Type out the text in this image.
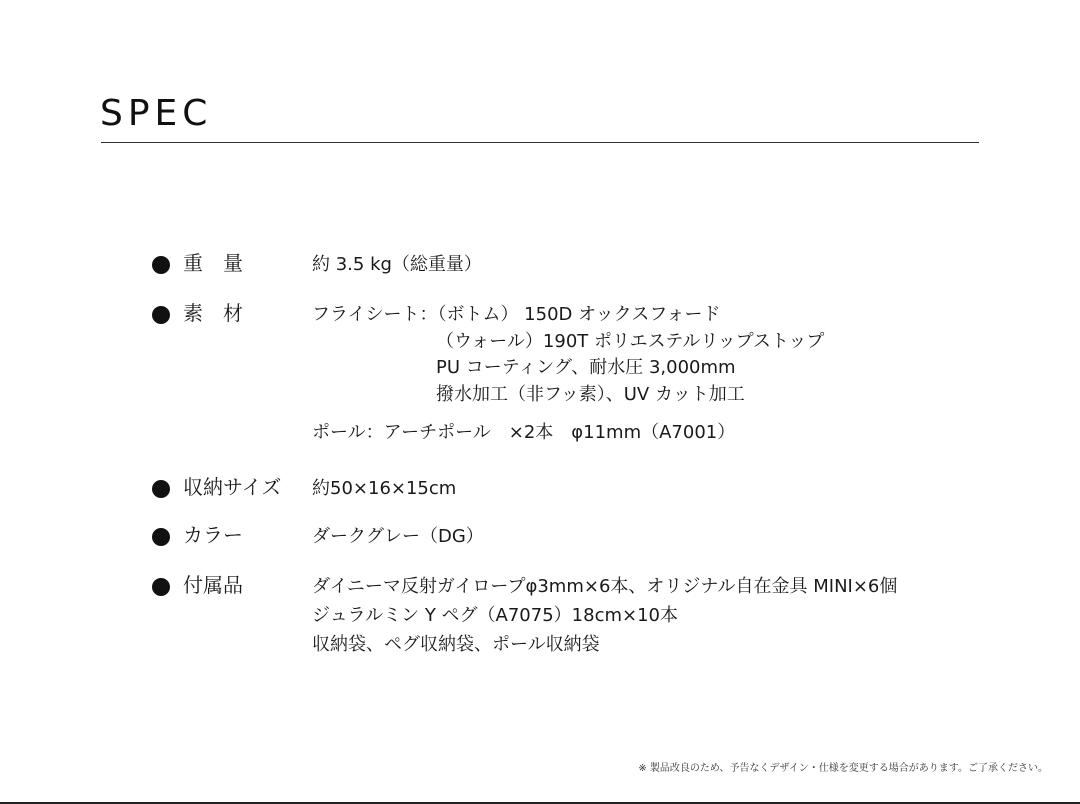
SPEC
重　量	約 3.5 kg（総重量）
素　材	フライシート：（ボトム） 150D オックスフォード
（ウォール）190T ポリエステルリップストップ
PU コーティング、耐水圧 3,000mm
撥水加工（非フッ素）、UV カット加工
ポール：アーチポール　×2本　φ11mm（A7001）
収納サイズ 約50×16×15cm
カラー	ダークグレー（DG）
付属品	ダイニーマ反射ガイロープφ3mm×6本、オリジナル自在金具 MINI×6個
ジュラルミン Y ペグ（A7075）18cm×10本
収納袋、ペグ収納袋、ポール収納袋
※ 製品改良のため、予告なくデザイン・仕様を変更する場合があります。ご了承ください。
